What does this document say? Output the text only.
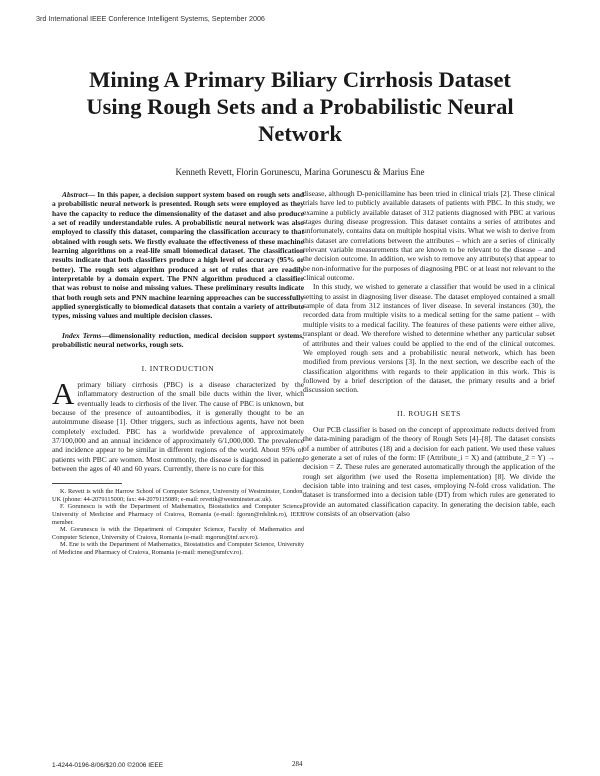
3rd International IEEE Conference Intelligent Systems, September 2006
Mining A Primary Biliary Cirrhosis Dataset
Using Rough Sets and a Probabilistic Neural
Network
Kenneth Revett, Florin Gorunescu, Marina Gorunescu & Marius Ene

Abstract— In this paper, a decision support system based on rough sets and a probabilistic neural network is presented. Rough sets were employed as they have the capacity to reduce the dimensionality of the dataset and also produce a set of readily understandable rules. A probabilistic neural network was also employed to classify this dataset, comparing the classification accuracy to that obtained with rough sets. We firstly evaluate the effectiveness of these machine learning algorithms on a real-life small biomedical dataset. The classification results indicate that both classifiers produce a high level of accuracy (95% or better). The rough sets algorithm produced a set of rules that are readily interpretable by a domain expert. The PNN algorithm produced a classifier that was robust to noise and missing values. These preliminary results indicate that both rough sets and PNN machine learning approaches can be successfully applied synergistically to biomedical datasets that contain a variety of attribute types, missing values and multiple decision classes.

Index Terms—dimensionality reduction, medical decision support systems, probabilistic neural networks, rough sets.

I. INTRODUCTION

Aprimary biliary cirrhosis (PBC) is a disease characterized by the inflammatory destruction of the small bile ducts within the liver, which eventually leads to cirrhosis of the liver. The cause of PBC is unknown, but because of the presence of autoantibodies, it is generally thought to be an autoimmune disease [1]. Other triggers, such as infectious agents, have not been completely excluded. PBC has a worldwide prevalence of approximately 37/100,000 and an annual incidence of approximately 6/1,000,000. The prevalence and incidence appear to be similar in different regions of the world. About 95% of patients with PBC are women. Most commonly, the disease is diagnosed in patients between the ages of 40 and 60 years. Currently, there is no cure for this

K. Revett is with the Harrow School of Computer Science, University of Westminster, London, UK (phone: 44-2079115000; fax: 44-2079115089; e-mail: revettk@westminster.ac.uk).

F. Gorunescu is with the Department of Mathematics, Biostatistics and Computer Science, University of Medicine and Pharmacy of Craiova, Romania (e-mail: fgorun@rdslink.ro), IEEE member.

M. Gorunescu is with the Department of Computer Science, Faculty of Mathematics and Computer Science, University of Craiova, Romania (e-mail: mgorun@inf.ucv.ro).

M. Ene is with the Department of Mathematics, Biostatistics and Computer Science, University of Medicine and Pharmacy of Craiova, Romania (e-mail: mene@umfcv.ro).

disease, although D-penicillamine has been tried in clinical trials [2]. These clinical trials have led to publicly available datasets of patients with PBC. In this study, we examine a publicly available dataset of 312 patients diagnosed with PBC at various stages during disease progression. This dataset contains a series of attributes and unfortunately, contains data on multiple hospital visits. What we wish to derive from this dataset are correlations between the attributes – which are a series of clinically relevant variable measurements that are known to be relevant to the disease – and the decision outcome. In addition, we wish to remove any attribute(s) that appear to be non-informative for the purposes of diagnosing PBC or at least not relevant to the clinical outcome.

In this study, we wished to generate a classifier that would be used in a clinical setting to assist in diagnosing liver disease. The dataset employed contained a small sample of data from 312 instances of liver disease. In several instances (30), the recorded data from multiple visits to a medical setting for the same patient – with multiple visits to a medical facility. The features of these patients were either alive, transplant or dead. We therefore wished to determine whether any particular subset of attributes and their values could be applied to the end of the clinical outcomes. We employed rough sets and a probabilistic neural network, which has been modified from previous versions [3]. In the next section, we describe each of the classification algorithms with regards to their application in this work. This is followed by a brief description of the dataset, the primary results and a brief discussion section.

II. ROUGH SETS

Our PCB classifier is based on the concept of approximate reducts derived from the data-mining paradigm of the theory of Rough Sets [4]–[8]. The dataset consists of a number of attributes (18) and a decision for each patient. We used these values to generate a set of rules of the form: IF (Attribute_i = X) and (attribute_2 = Y) → decision = Z. These rules are generated automatically through the application of the rough set algorithm (we used the Rosetta implementation) [8]. We divide the decision table into training and test cases, employing N-fold cross validation. The dataset is transformed into a decision table (DT) from which rules are generated to provide an automated classification capacity. In generating the decision table, each row consists of an observation (also

1-4244-0196-8/06/$20.00 ©2006 IEEE	284
